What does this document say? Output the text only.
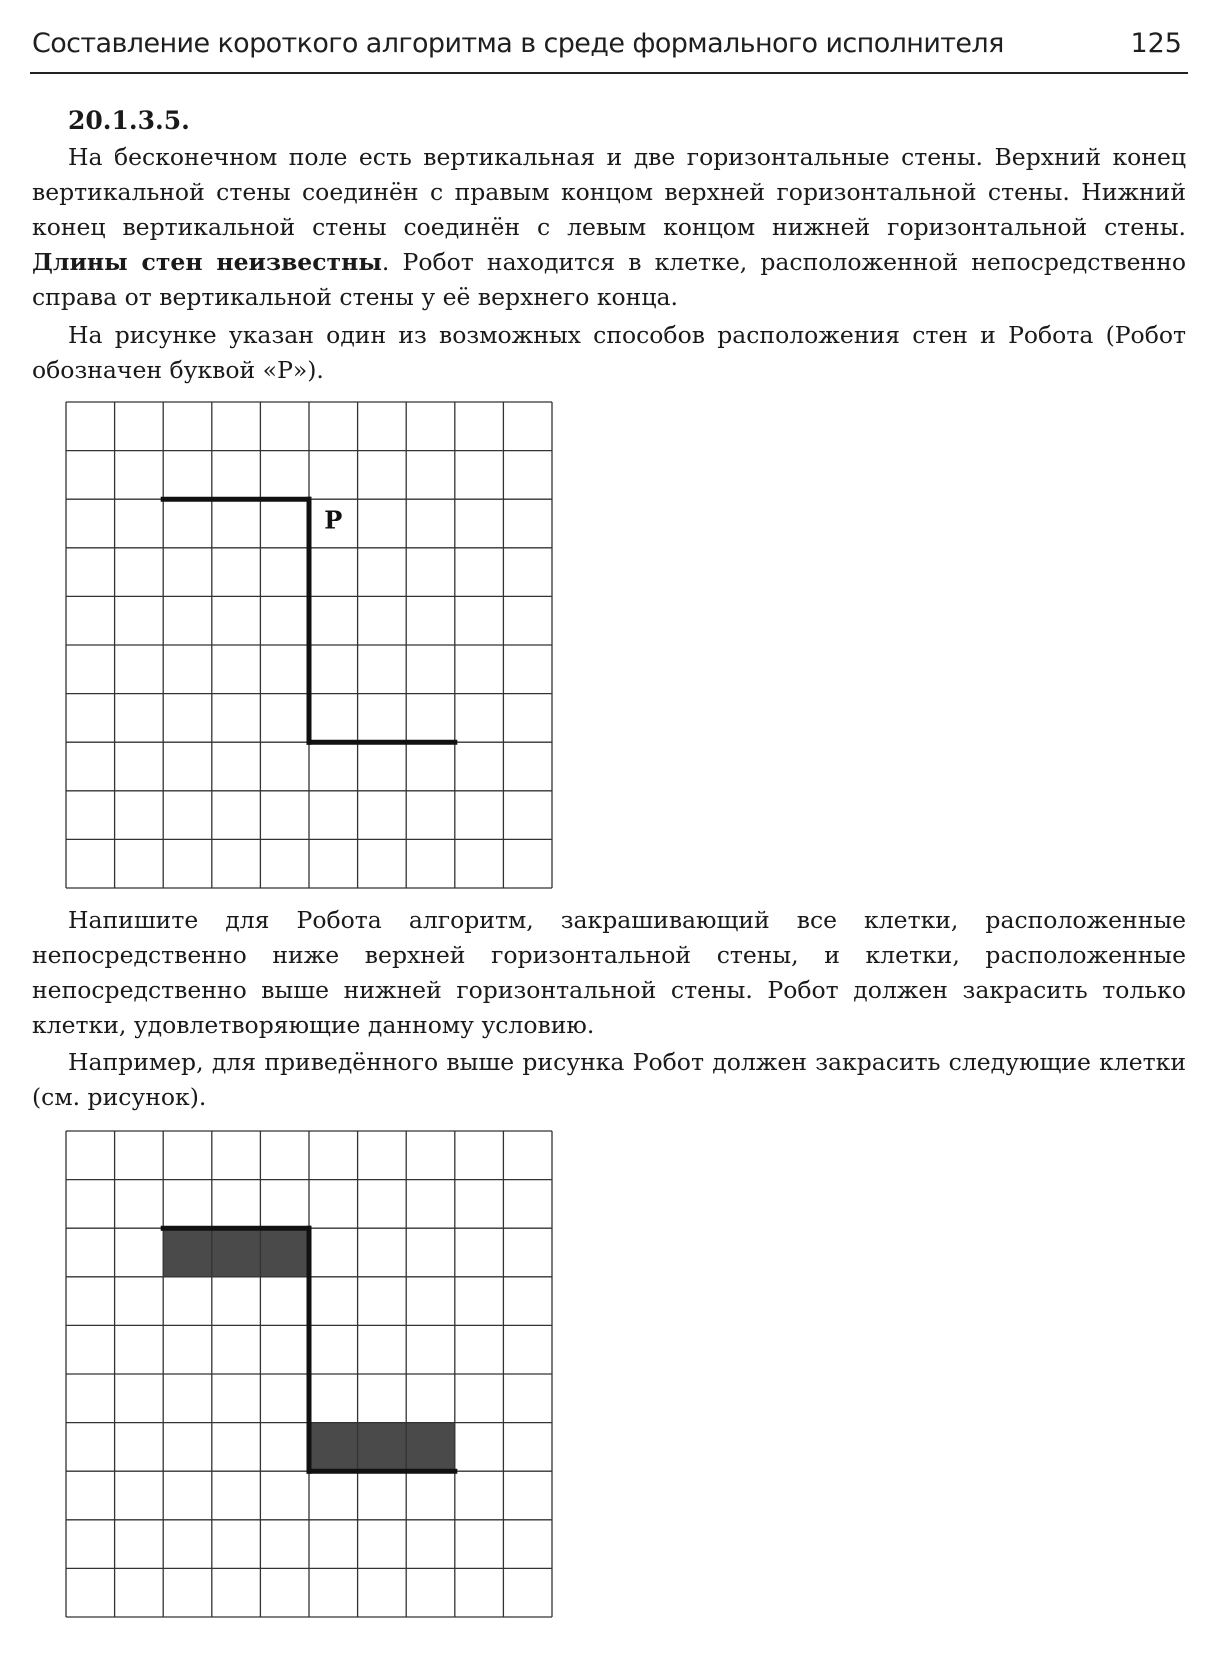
Составление короткого алгоритма в среде формального исполнителя	125
20.1.3.5.

На бесконечном поле есть вертикальная и две горизонтальные стены. Верхний конец вертикальной стены соединён с правым концом верхней горизонтальной стены. Нижний конец вертикальной стены соединён с левым концом нижней горизонтальной стены. Длины стен неизвестны. Робот находится в клетке, расположенной непосредственно справа от вертикальной стены у её верхнего конца.

На рисунке указан один из возможных способов расположения стен и Робота (Робот обозначен буквой «Р»).

Р

Напишите для Робота алгоритм, закрашивающий все клетки, расположенные непосредственно ниже верхней горизонтальной стены, и клетки, расположенные непосредственно выше нижней горизонтальной стены. Робот должен закрасить только клетки, удовлетворяющие данному условию.

Например, для приведённого выше рисунка Робот должен закрасить следующие клетки (см. рисунок).
